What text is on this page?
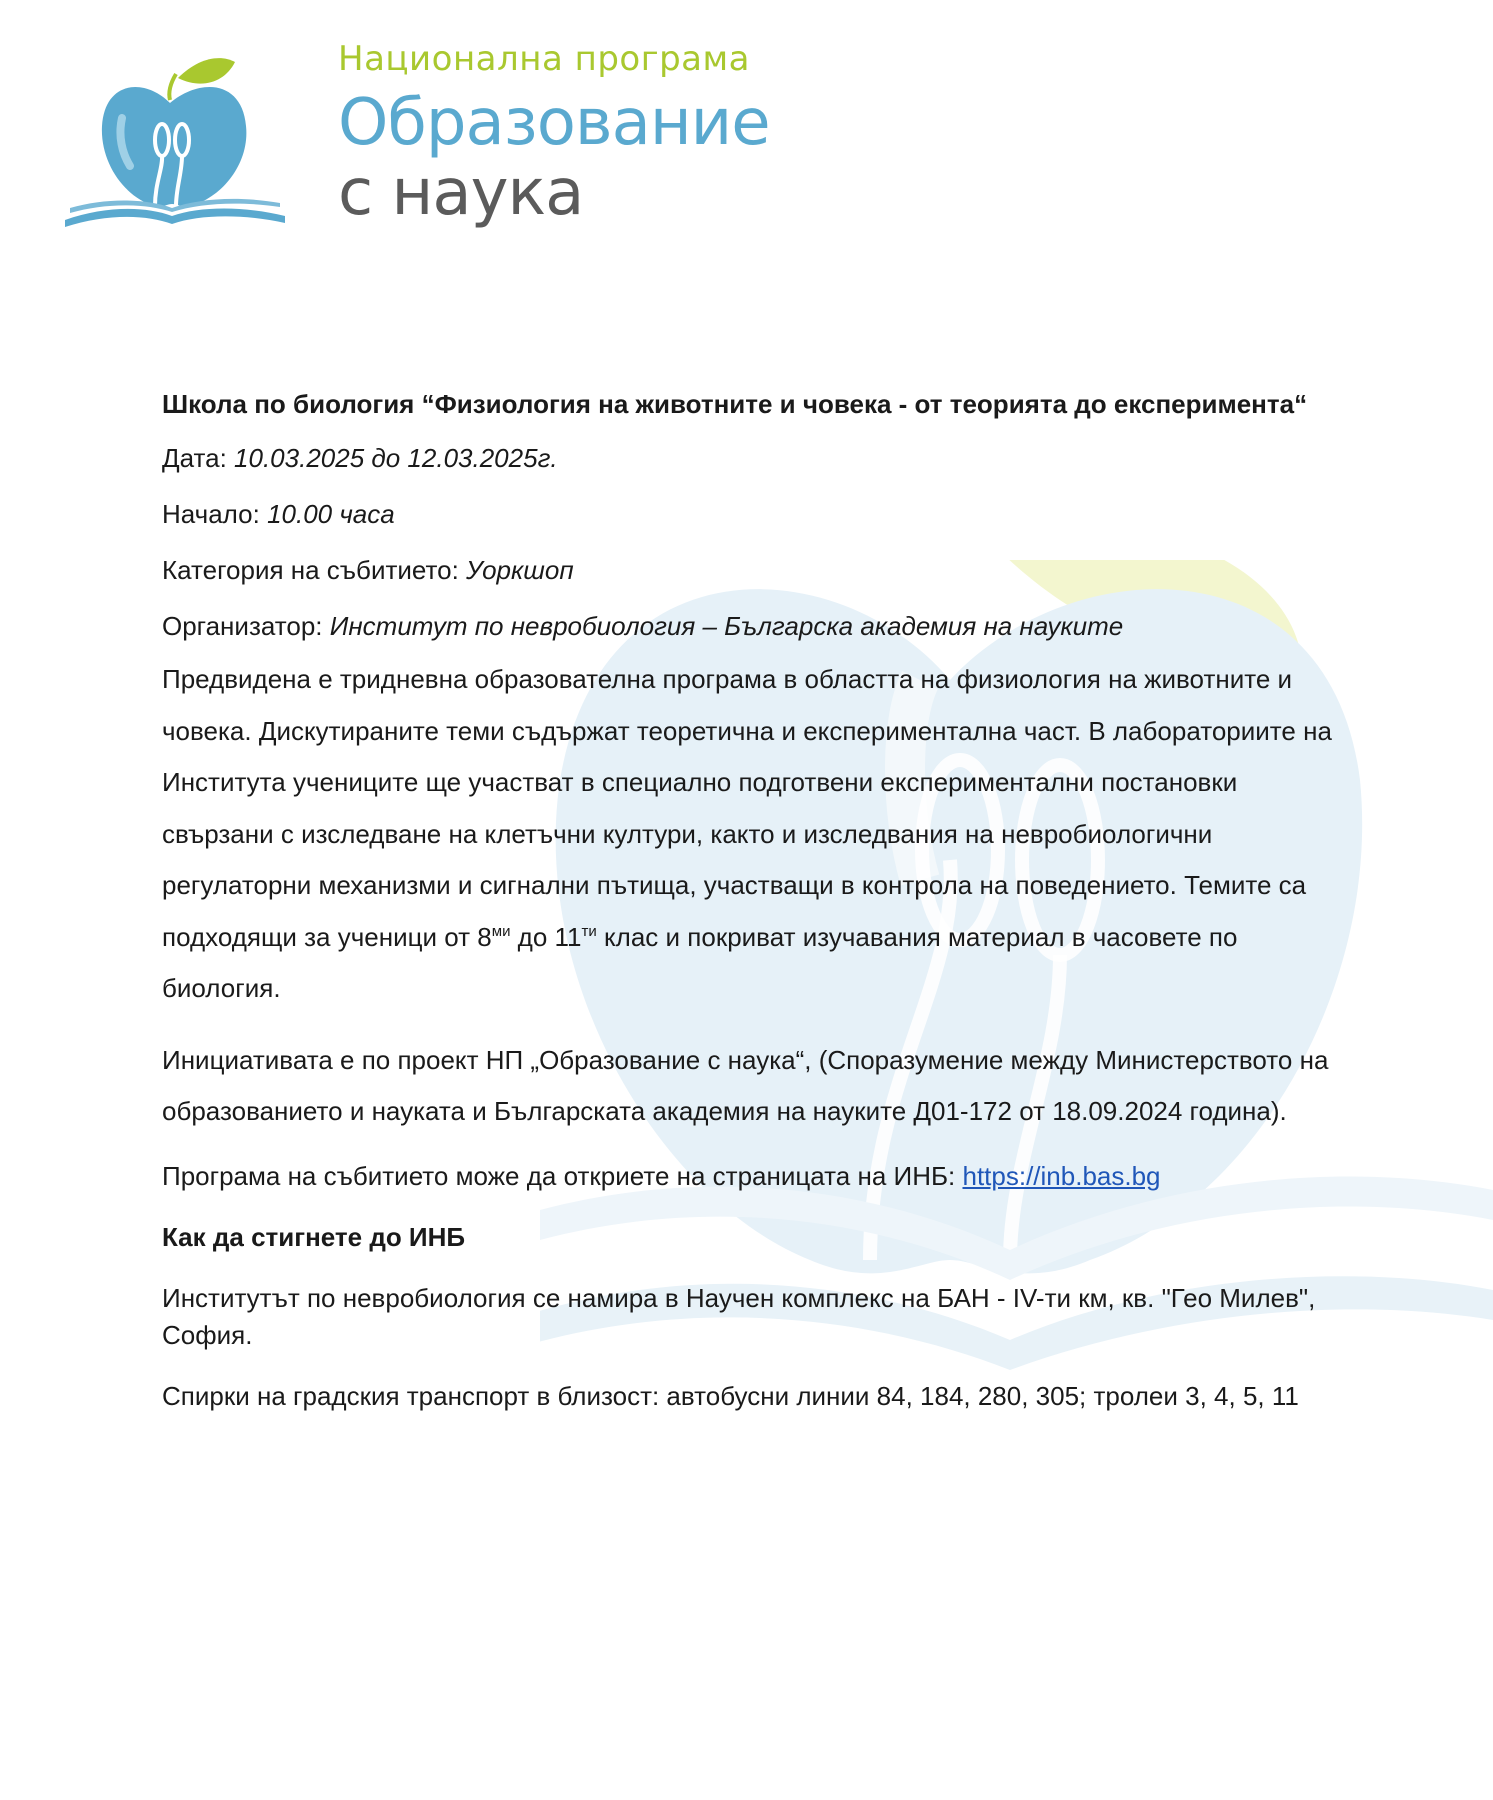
Национална програма
Образование
с наука

Школа по биология “Физиология на животните и човека - от теорията до експеримента“

Дата: 10.03.2025 до 12.03.2025г.

Начало: 10.00 часа

Категория на събитието: Уоркшоп

Организатор: Институт по невробиология – Българска академия на науките

Предвидена е тридневна образователна програма в областта на физиология на животните и човека. Дискутираните теми съдържат теоретична и експериментална част. В лабораториите на Института учениците ще участват в специално подготвени експериментални постановки свързани с изследване на клетъчни култури, както и изследвания на невробиологични регулаторни механизми и сигнални пътища, участващи в контрола на поведението. Темите са подходящи за ученици от $8^{ми}$ до $11^{ти}$ клас и покриват изучавания материал в часовете по биология.

Инициативата е по проект НП „Образование с наука“, (Споразумение между Министерството на образованието и науката и Българската академия на науките Д01-172 от 18.09.2024 година).

Програма на събитието може да откриете на страницата на ИНБ: https://inb.bas.bg

Как да стигнете до ИНБ

Институтът по невробиология се намира в Научен комплекс на БАН - IV-ти км, кв. "Гео Милев", София.

Спирки на градския транспорт в близост: автобусни линии 84, 184, 280, 305; тролеи 3, 4, 5, 11
